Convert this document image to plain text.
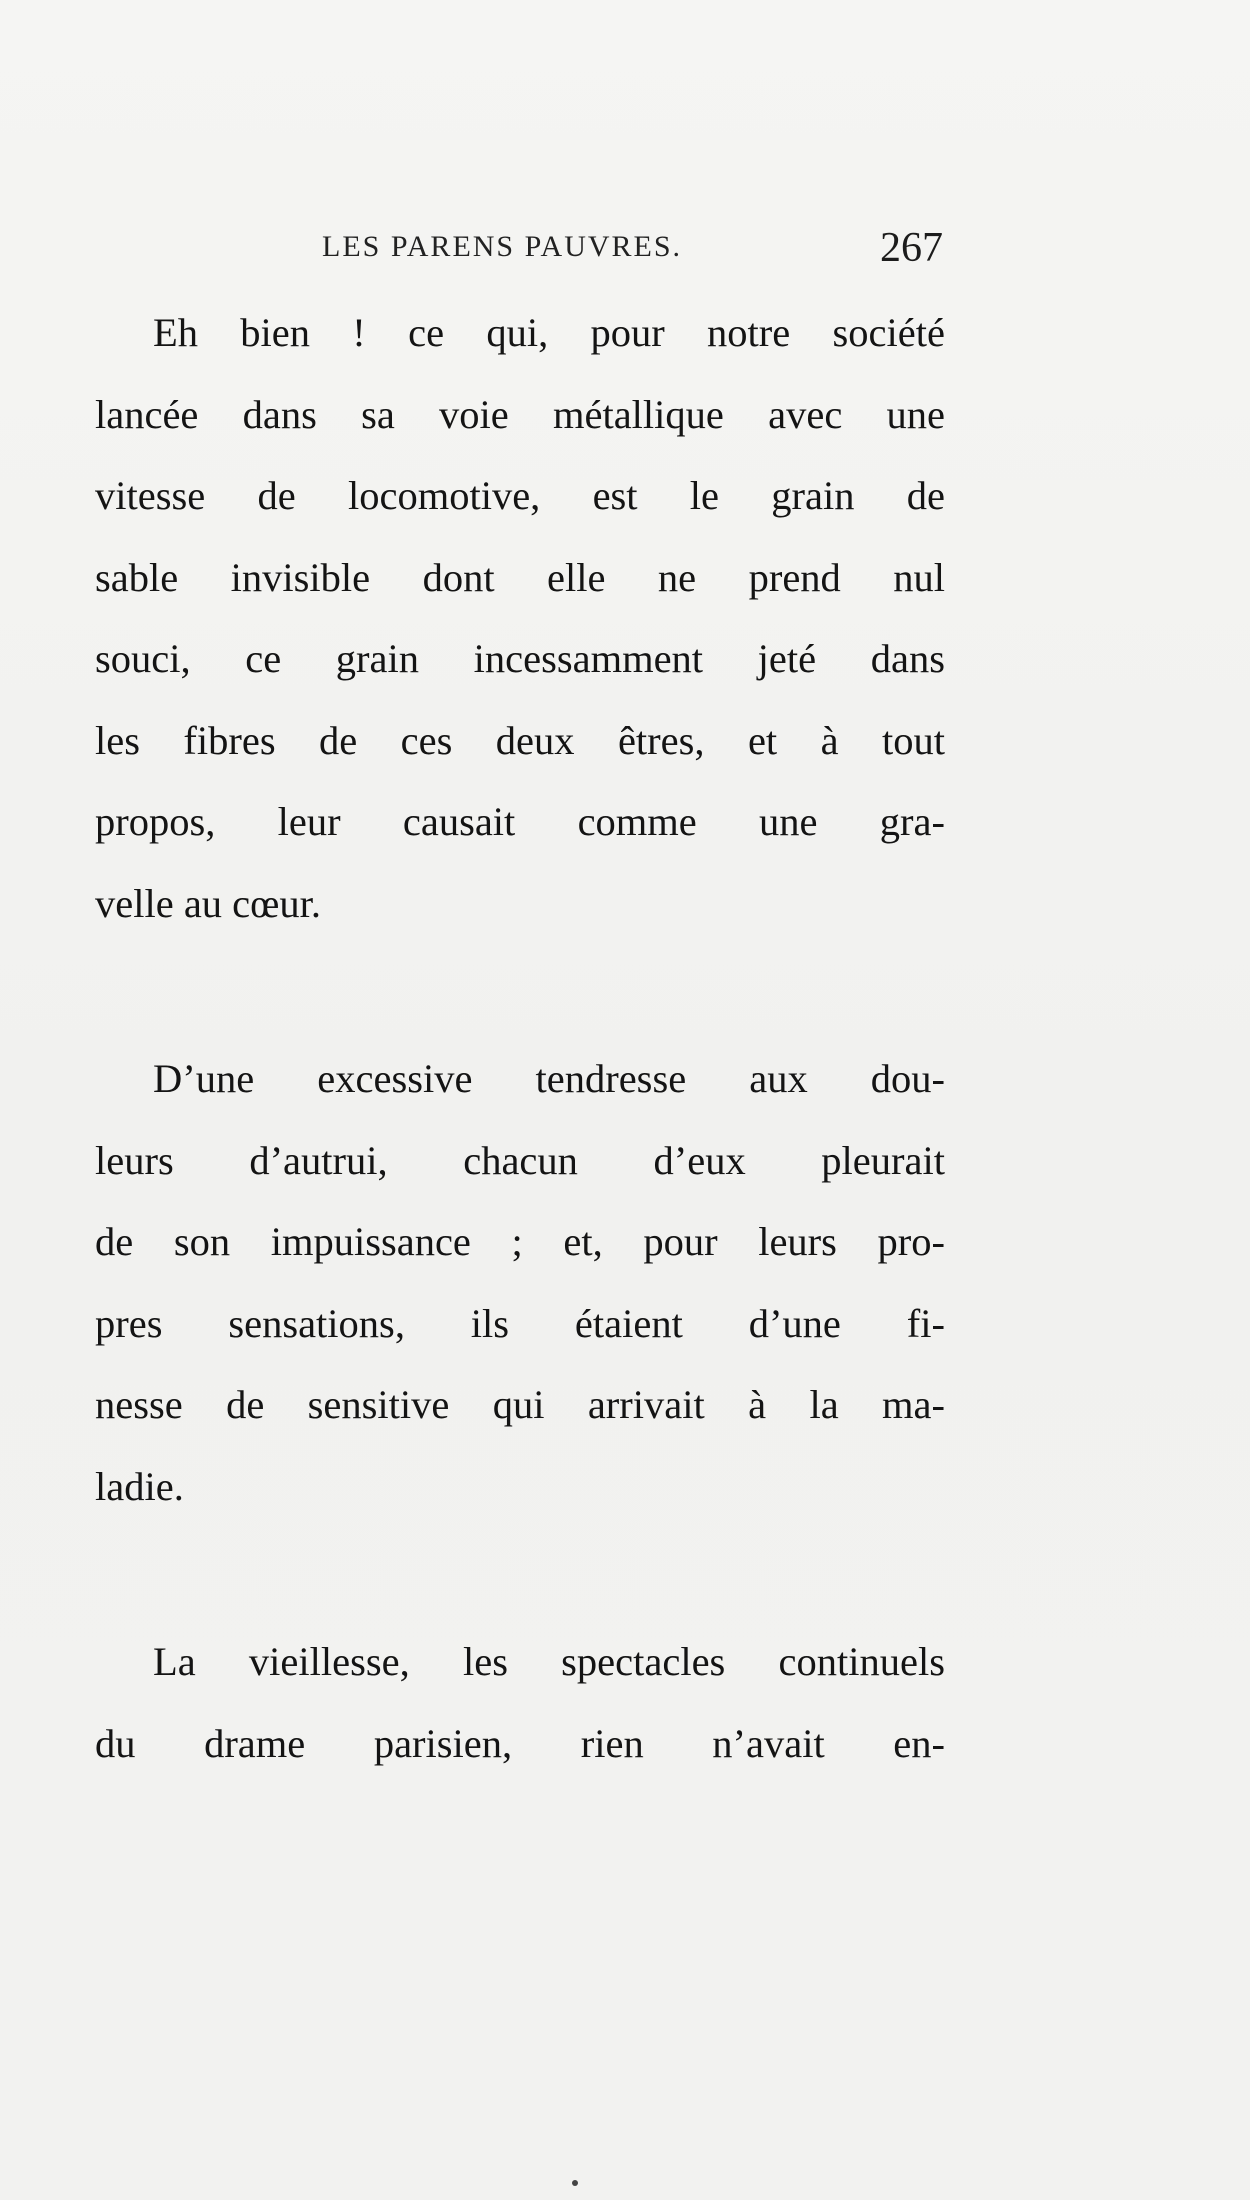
LES PARENS PAUVRES.	267
Eh bien ! ce qui, pour notre société
lancée dans sa voie métallique avec une
vitesse de locomotive, est le grain de
sable invisible dont elle ne prend nul
souci, ce grain incessamment jeté dans
les fibres de ces deux êtres, et à tout
propos, leur causait comme une gra-
velle au cœur.
D’une excessive tendresse aux dou-
leurs d’autrui, chacun d’eux pleurait
de son impuissance ; et, pour leurs pro-
pres sensations, ils étaient d’une fi-
nesse de sensitive qui arrivait à la ma-
ladie.
La vieillesse, les spectacles continuels
du drame parisien, rien n’avait en-
